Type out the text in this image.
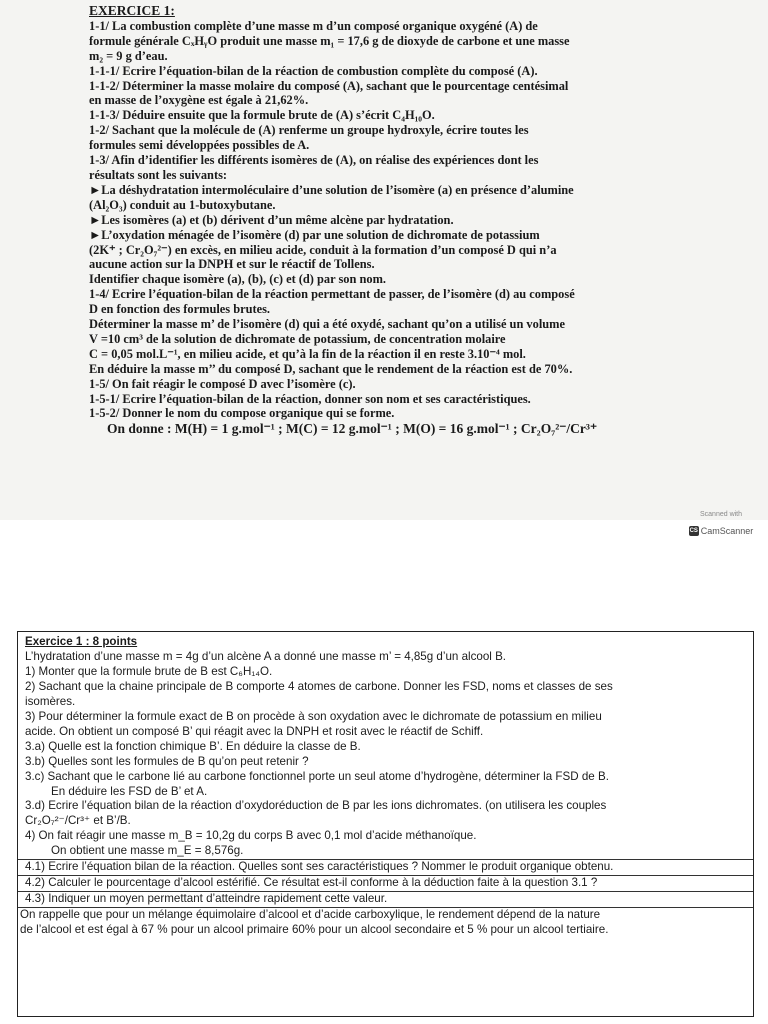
EXERCICE 1:
1-1/ La combustion complète d’une masse m d’un composé organique oxygéné (A) de
formule générale CₓHᵧO produit une masse m₁ = 17,6 g de dioxyde de carbone et une masse
m₂ = 9 g d’eau.
1-1-1/ Ecrire l’équation-bilan de la réaction de combustion complète du composé (A).
1-1-2/ Déterminer la masse molaire du composé (A), sachant que le pourcentage centésimal
en masse de l’oxygène est égale à 21,62%.
1-1-3/ Déduire ensuite que la formule brute de (A) s’écrit C₄H₁₀O.
1-2/ Sachant que la molécule de (A) renferme un groupe hydroxyle, écrire toutes les
formules semi développées possibles de A.
1-3/ Afin d’identifier les différents isomères de (A), on réalise des expériences dont les
résultats sont les suivants:
►La déshydratation intermoléculaire d’une solution de l’isomère (a) en présence d’alumine
(Al₂O₃) conduit au 1-butoxybutane.
►Les isomères (a) et (b) dérivent d’un même alcène par hydratation.
►L’oxydation ménagée de l’isomère (d) par une solution de dichromate de potassium
(2K⁺ ; Cr₂O₇²⁻) en excès, en milieu acide, conduit à la formation d’un composé D qui n’a
aucune action sur la DNPH et sur le réactif de Tollens.
Identifier chaque isomère (a), (b), (c) et (d) par son nom.
1-4/ Ecrire l’équation-bilan de la réaction permettant de passer, de l’isomère (d) au composé
D en fonction des formules brutes.
Déterminer la masse m’ de l’isomère (d) qui a été oxydé, sachant qu’on a utilisé un volume
V =10 cm³ de la solution de dichromate de potassium, de concentration molaire
C = 0,05 mol.L⁻¹, en milieu acide, et qu’à la fin de la réaction il en reste 3.10⁻⁴ mol.
En déduire la masse m’’ du composé D, sachant que le rendement de la réaction est de 70%.
1-5/ On fait réagir le composé D avec l’isomère (c).
1-5-1/ Ecrire l’équation-bilan de la réaction, donner son nom et ses caractéristiques.
1-5-2/ Donner le nom du compose organique qui se forme.
On donne : M(H) = 1 g.mol⁻¹ ; M(C) = 12 g.mol⁻¹ ; M(O) = 16 g.mol⁻¹ ; Cr₂O₇²⁻/Cr³⁺
Scanned with
CS CamScanner
Exercice 1 : 8 points
L’hydratation d’une masse m = 4g d’un alcène A a donné une masse m’ = 4,85g d’un alcool B.
1) Monter que la formule brute de B est C₆H₁₄O.
2) Sachant que la chaine principale de B comporte 4 atomes de carbone. Donner les FSD, noms et classes de ses
isomères.
3) Pour déterminer la formule exact de B on procède à son oxydation avec le dichromate de potassium en milieu
acide. On obtient un composé B’ qui réagit avec la DNPH et rosit avec le réactif de Schiff.
3.a) Quelle est la fonction chimique B’. En déduire la classe de B.
3.b) Quelles sont les formules de B qu’on peut retenir ?
3.c) Sachant que le carbone lié au carbone fonctionnel porte un seul atome d’hydrogène, déterminer la FSD de B.
En déduire les FSD de B’ et A.
3.d) Ecrire l’équation bilan de la réaction d’oxydoréduction de B par les ions dichromates. (on utilisera les couples
Cr₂O₇²⁻/Cr³⁺ et B’/B.
4) On fait réagir une masse m_B = 10,2g du corps B avec 0,1 mol d’acide méthanoïque.
On obtient une masse m_E = 8,576g.
4.1) Ecrire l’équation bilan de la réaction. Quelles sont ses caractéristiques ? Nommer le produit organique obtenu.
4.2) Calculer le pourcentage d’alcool estérifié. Ce résultat est-il conforme à la déduction faite à la question 3.1 ?
4.3) Indiquer un moyen permettant d’atteindre rapidement cette valeur.
On rappelle que pour un mélange équimolaire d’alcool et d’acide carboxylique, le rendement dépend de la nature
de l’alcool et est égal à 67 % pour un alcool primaire 60% pour un alcool secondaire et 5 % pour un alcool tertiaire.
